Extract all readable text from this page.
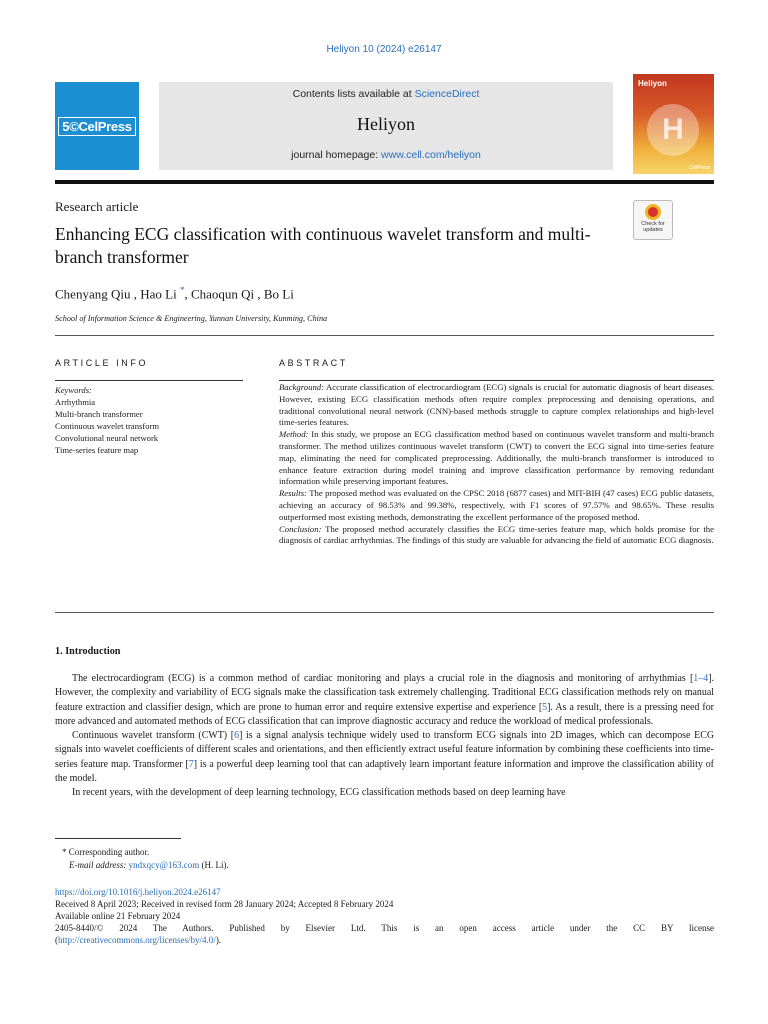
Heliyon 10 (2024) e26147
5©CelPress
Contents lists available at ScienceDirect
Heliyon
journal homepage: www.cell.com/heliyon
Heliyon
H
CellPress
Research article
Check for
updates
Enhancing ECG classification with continuous wavelet transform and multi-branch transformer
Chenyang Qiu , Hao Li *, Chaoqun Qi , Bo Li
School of Information Science & Engineering, Yunnan University, Kunming, China
ARTICLE INFO	ABSTRACT
Keywords:
Arrhythmia
Multi-branch transformer
Continuous wavelet transform
Convolutional neural network
Time-series feature map

Background: Accurate classification of electrocardiogram (ECG) signals is crucial for automatic diagnosis of heart diseases. However, existing ECG classification methods often require complex preprocessing and denoising operations, and traditional convolutional neural network (CNN)-based methods struggle to capture complex relationships and high-level time-series features.

Method: In this study, we propose an ECG classification method based on continuous wavelet transform and multi-branch transformer. The method utilizes continuous wavelet transform (CWT) to convert the ECG signal into time-series feature map, eliminating the need for complicated preprocessing. Additionally, the multi-branch transformer is introduced to enhance feature extraction during model training and improve classification performance by removing redundant information while preserving important features.

Results: The proposed method was evaluated on the CPSC 2018 (6877 cases) and MIT-BIH (47 cases) ECG public datasets, achieving an accuracy of 98.53% and 99.38%, respectively, with F1 scores of 97.57% and 98.65%. These results outperformed most existing methods, demonstrating the excellent performance of the proposed method.

Conclusion: The proposed method accurately classifies the ECG time-series feature map, which holds promise for the diagnosis of cardiac arrhythmias. The findings of this study are valuable for advancing the field of automatic ECG diagnosis.

1. Introduction

The electrocardiogram (ECG) is a common method of cardiac monitoring and plays a crucial role in the diagnosis and monitoring of arrhythmias [1–4]. However, the complexity and variability of ECG signals make the classification task extremely challenging. Traditional ECG classification methods rely on manual feature extraction and classifier design, which are prone to human error and require extensive expertise and experience [5]. As a result, there is a pressing need for more advanced and automated methods of ECG classification that can improve diagnostic accuracy and reduce the workload of medical professionals.

Continuous wavelet transform (CWT) [6] is a signal analysis technique widely used to transform ECG signals into 2D images, which can decompose ECG signals into wavelet coefficients of different scales and orientations, and then efficiently extract useful feature information by combining these coefficients into time-series feature map. Transformer [7] is a powerful deep learning tool that can adaptively learn important feature information and improve the classification ability of the model.

In recent years, with the development of deep learning technology, ECG classification methods based on deep learning have

* Corresponding author.
E-mail address: yndxqcy@163.com (H. Li).
https://doi.org/10.1016/j.heliyon.2024.e26147
Received 8 April 2023; Received in revised form 28 January 2024; Accepted 8 February 2024
Available online 21 February 2024
2405-8440/© 2024 The Authors. Published by Elsevier Ltd. This is an open access article under the CC BY license
(http://creativecommons.org/licenses/by/4.0/).
